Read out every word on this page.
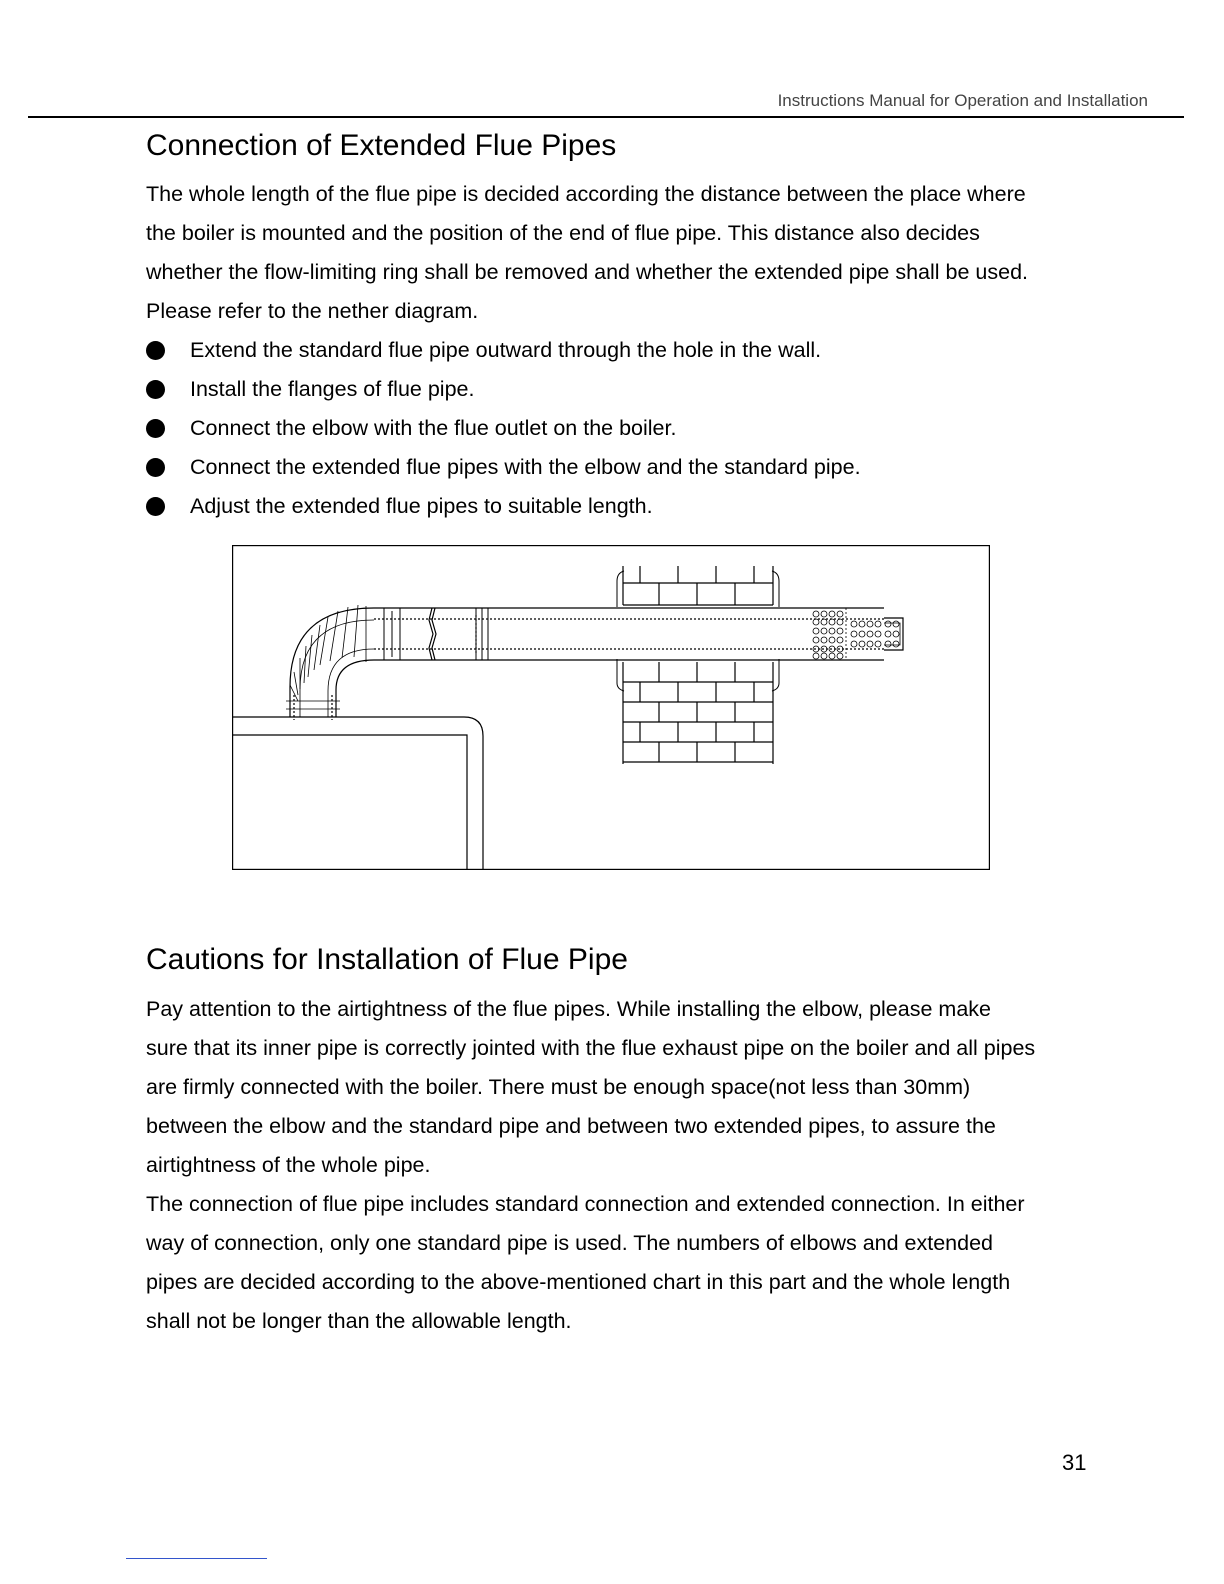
Instructions Manual for Operation and Installation
Connection of Extended Flue Pipes
The whole length of the flue pipe is decided according the distance between the place where
the boiler is mounted and the position of the end of flue pipe. This distance also decides
whether the flow-limiting ring shall be removed and whether the extended pipe shall be used.
Please refer to the nether diagram.
Extend the standard flue pipe outward through the hole in the wall.
Install the flanges of flue pipe.
Connect the elbow with the flue outlet on the boiler.
Connect the extended flue pipes with the elbow and the standard pipe.
Adjust the extended flue pipes to suitable length.
Cautions for Installation of Flue Pipe
Pay attention to the airtightness of the flue pipes. While installing the elbow, please make
sure that its inner pipe is correctly jointed with the flue exhaust pipe on the boiler and all pipes
are firmly connected with the boiler. There must be enough space(not less than 30mm)
between the elbow and the standard pipe and between two extended pipes, to assure the
airtightness of the whole pipe.
The connection of flue pipe includes standard connection and extended connection. In either
way of connection, only one standard pipe is used. The numbers of elbows and extended
pipes are decided according to the above-mentioned chart in this part and the whole length
shall not be longer than the allowable length.
31
